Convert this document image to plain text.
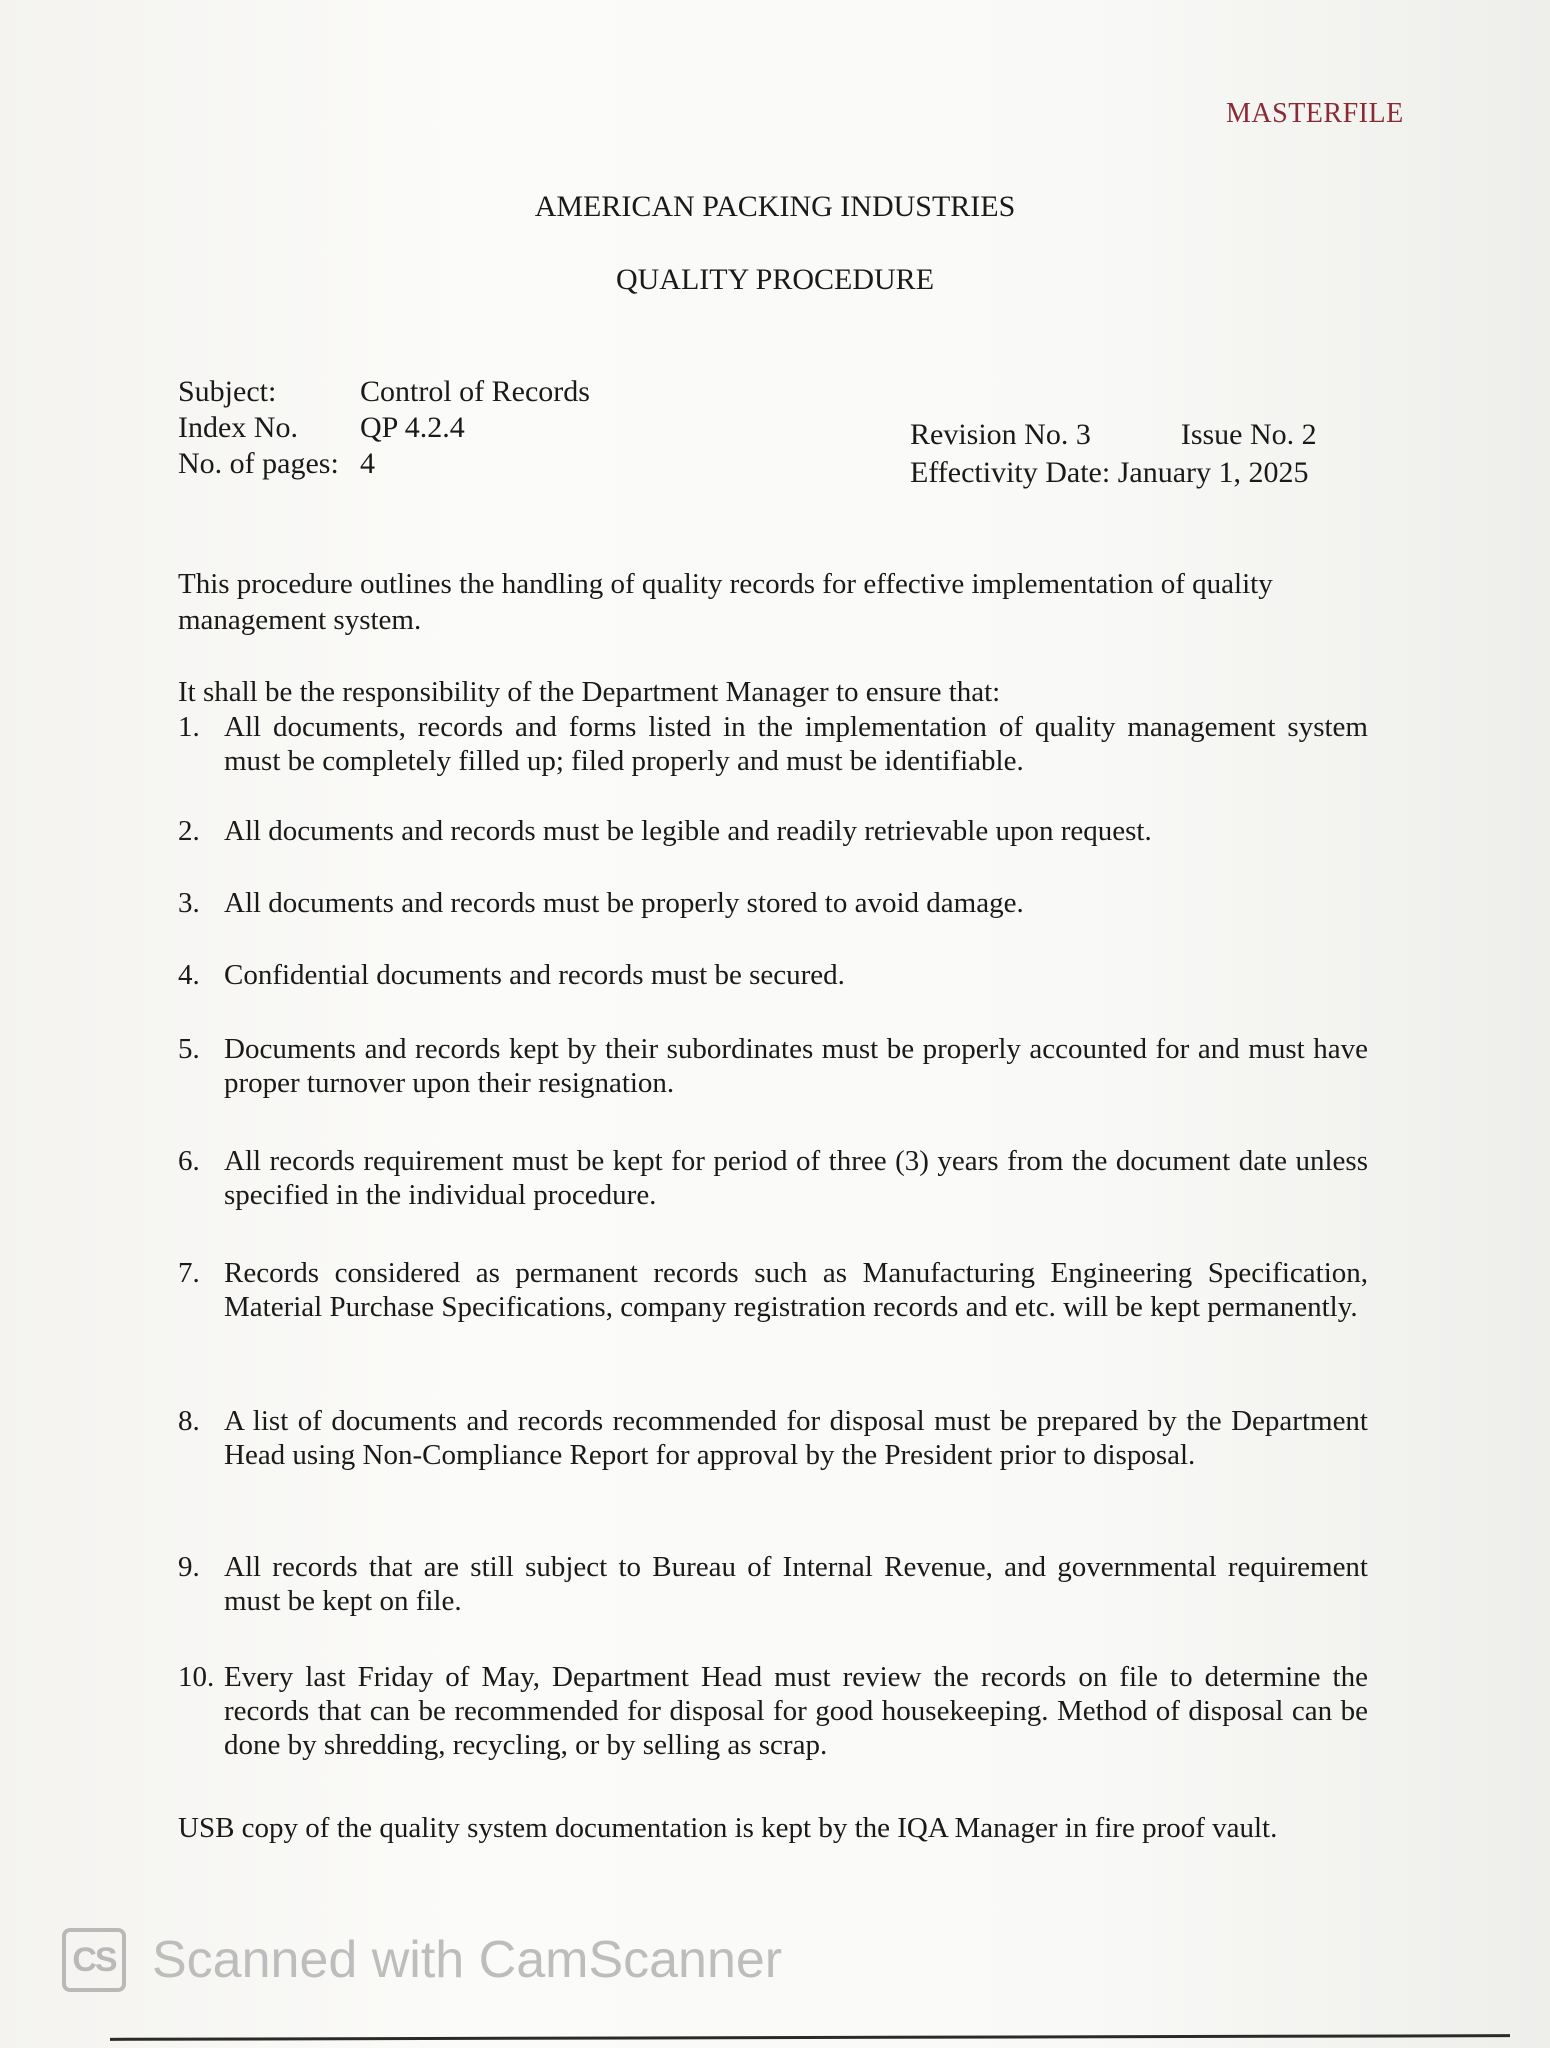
MASTERFILE
AMERICAN PACKING INDUSTRIES
QUALITY PROCEDURE
Subject:	Control of Records
Index No.	QP 4.2.4
No. of pages: 4
Revision No. 3	Issue No. 2
Effectivity Date: January 1, 2025
This procedure outlines the handling of quality records for effective implementation of quality management system.
It shall be the responsibility of the Department Manager to ensure that:
1. All documents, records and forms listed in the implementation of quality management system must be completely filled up; filed properly and must be identifiable.
2. All documents and records must be legible and readily retrievable upon request.
3. All documents and records must be properly stored to avoid damage.
4. Confidential documents and records must be secured.
5. Documents and records kept by their subordinates must be properly accounted for and must have proper turnover upon their resignation.
6. All records requirement must be kept for period of three (3) years from the document date unless specified in the individual procedure.
7. Records considered as permanent records such as Manufacturing Engineering Specification, Material Purchase Specifications, company registration records and etc. will be kept permanently.
8. A list of documents and records recommended for disposal must be prepared by the Department Head using Non-Compliance Report for approval by the President prior to disposal.
9. All records that are still subject to Bureau of Internal Revenue, and governmental requirement must be kept on file.
10. Every last Friday of May, Department Head must review the records on file to determine the records that can be recommended for disposal for good housekeeping. Method of disposal can be done by shredding, recycling, or by selling as scrap.
USB copy of the quality system documentation is kept by the IQA Manager in fire proof vault.
CS Scanned with CamScanner
